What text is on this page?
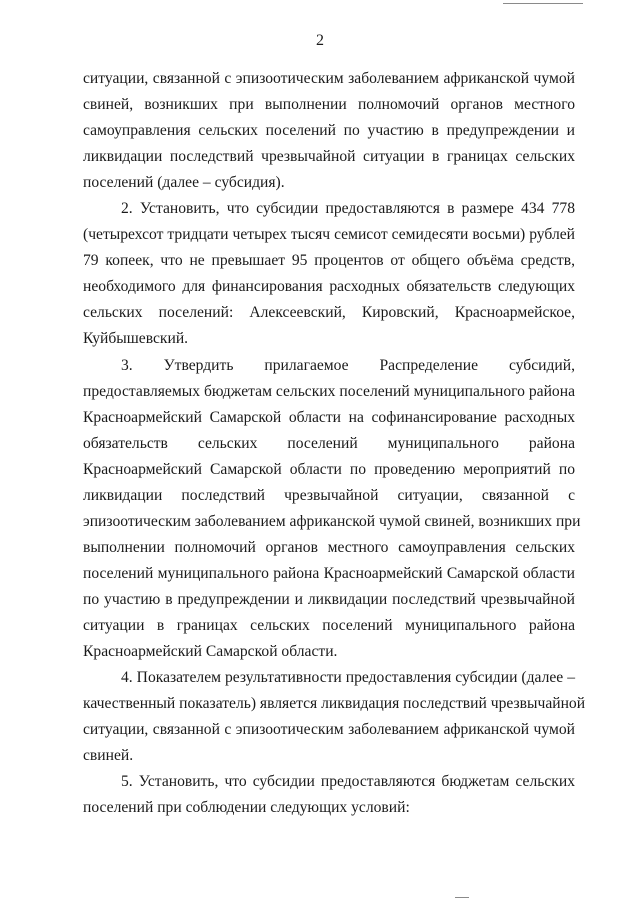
2
ситуации, связанной с эпизоотическим заболеванием африканской чумой
свиней, возникших при выполнении полномочий органов местного
самоуправления сельских поселений по участию в предупреждении и
ликвидации последствий чрезвычайной ситуации в границах сельских
поселений (далее – субсидия).
2. Установить, что субсидии предоставляются в размере 434 778
(четырехсот тридцати четырех тысяч семисот семидесяти восьми) рублей
79 копеек, что не превышает 95 процентов от общего объёма средств,
необходимого для финансирования расходных обязательств следующих
сельских поселений: Алексеевский, Кировский, Красноармейское,
Куйбышевский.
3. Утвердить прилагаемое Распределение субсидий,
предоставляемых бюджетам сельских поселений муниципального района
Красноармейский Самарской области на софинансирование расходных
обязательств сельских поселений муниципального района
Красноармейский Самарской области по проведению мероприятий по
ликвидации последствий чрезвычайной ситуации, связанной с
эпизоотическим заболеванием африканской чумой свиней, возникших при
выполнении полномочий органов местного самоуправления сельских
поселений муниципального района Красноармейский Самарской области
по участию в предупреждении и ликвидации последствий чрезвычайной
ситуации в границах сельских поселений муниципального района
Красноармейский Самарской области.
4. Показателем результативности предоставления субсидии (далее –
качественный показатель) является ликвидация последствий чрезвычайной
ситуации, связанной с эпизоотическим заболеванием африканской чумой
свиней.
5. Установить, что субсидии предоставляются бюджетам сельских
поселений при соблюдении следующих условий:
